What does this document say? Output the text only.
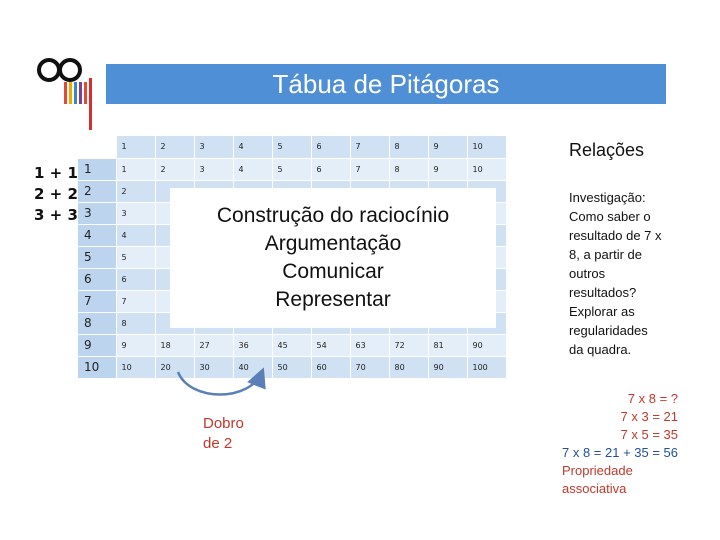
Tábua de Pitágoras
1 + 1
2 + 2
3 + 3
	1	2	3	4	5	6	7	8	9	10
1	1	2	3	4	5	6	7	8	9	10
2	2									
3	3									
4	4									
5	5									
6	6									
7	7									
8	8									
9	9	18	27	36	45	54	63	72	81	90
10	10	20	30	40	50	60	70	80	90	100
Construção do raciocínio
Argumentação
Comunicar
Representar
Relações
Investigação:
Como saber o
resultado de 7 x
8, a partir de
outros
resultados?
Explorar as
regularidades
da quadra.
Dobro
de 2
7 x 8 = ?
7 x 3 = 21
7 x 5 = 35
7 x 8 = 21 + 35 = 56
Propriedade
associativa
